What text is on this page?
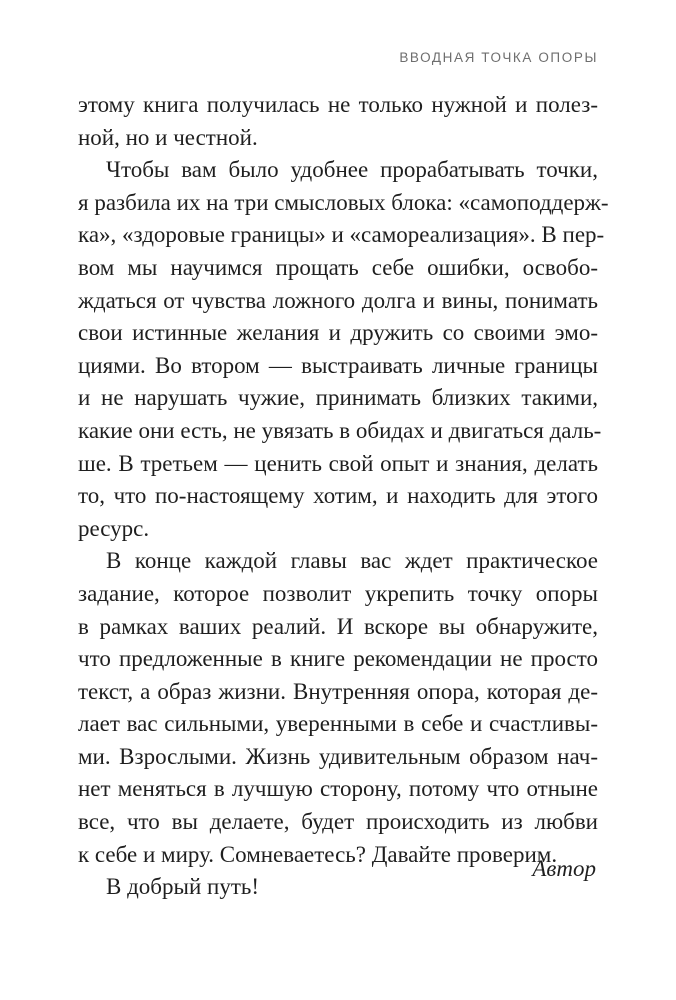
ВВОДНАЯ ТОЧКА ОПОРЫ
этому книга получилась не только нужной и полез-
ной, но и честной.
Чтобы вам было удобнее прорабатывать точки,
я разбила их на три смысловых блока: «самоподдерж-
ка», «здоровые границы» и «самореализация». В пер-
вом мы научимся прощать себе ошибки, освобо-
ждаться от чувства ложного долга и вины, понимать
свои истинные желания и дружить со своими эмо-
циями. Во втором — выстраивать личные границы
и не нарушать чужие, принимать близких такими,
какие они есть, не увязать в обидах и двигаться даль-
ше. В третьем — ценить свой опыт и знания, делать
то, что по-настоящему хотим, и находить для этого
ресурс.
В конце каждой главы вас ждет практическое
задание, которое позволит укрепить точку опоры
в рамках ваших реалий. И вскоре вы обнаружите,
что предложенные в книге рекомендации не просто
текст, а образ жизни. Внутренняя опора, которая де-
лает вас сильными, уверенными в себе и счастливы-
ми. Взрослыми. Жизнь удивительным образом нач-
нет меняться в лучшую сторону, потому что отныне
все, что вы делаете, будет происходить из любви
к себе и миру. Сомневаетесь? Давайте проверим.
В добрый путь!
Автор
